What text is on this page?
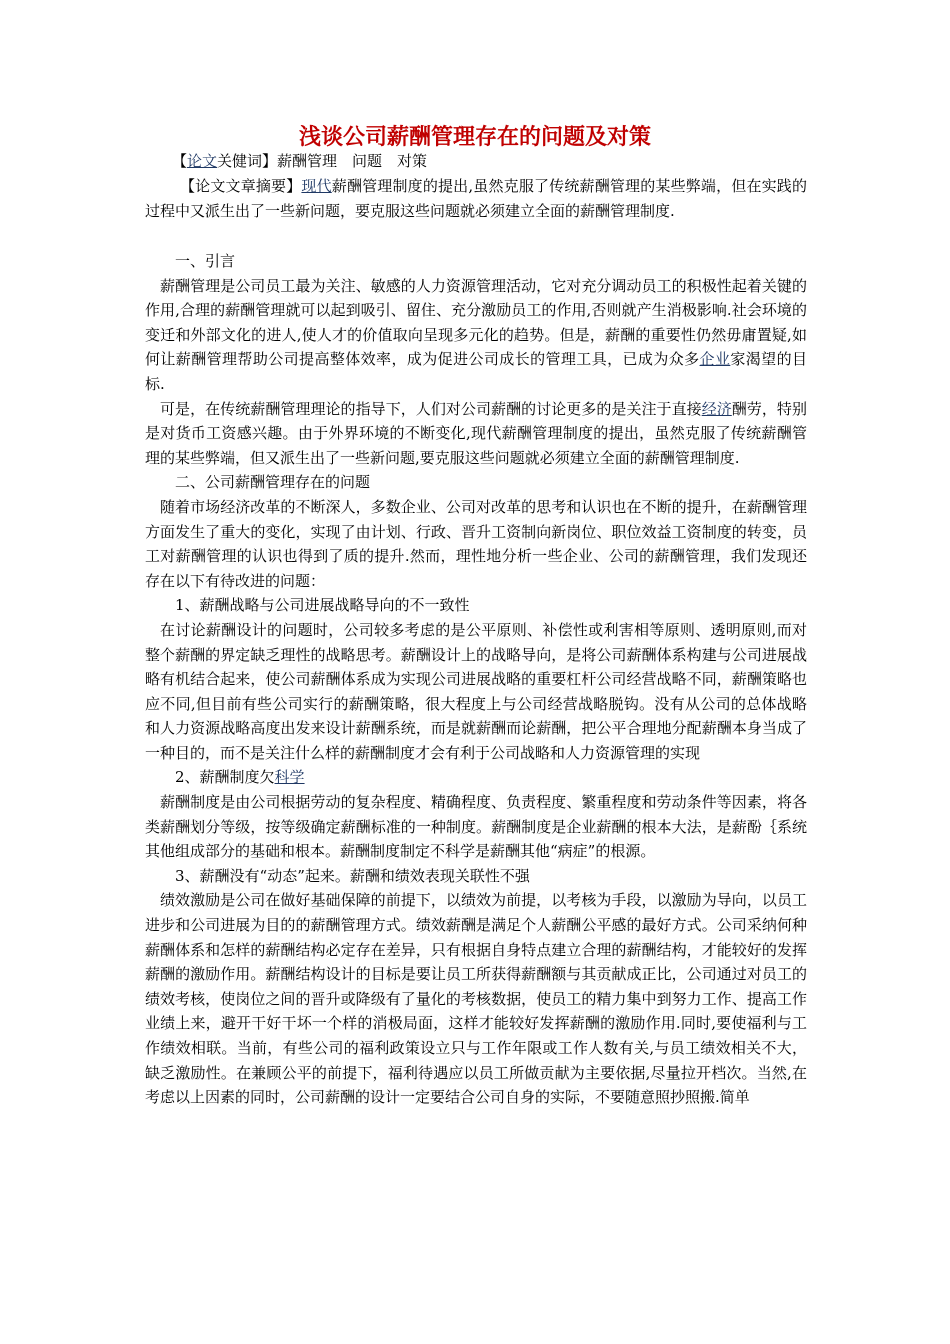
浅谈公司薪酬管理存在的问题及对策

【论文关健词】薪酬管理　问题　对策

【论文文章摘要】现代薪酬管理制度的提出,虽然克服了传统薪酬管理的某些弊端，但在实践的过程中又派生出了一些新问题，要克服这些问题就必须建立全面的薪酬管理制度.

一、引言

薪酬管理是公司员工最为关注、敏感的人力资源管理活动，它对充分调动员工的积极性起着关键的作用,合理的薪酬管理就可以起到吸引、留住、充分激励员工的作用,否则就产生消极影响.社会环境的变迁和外部文化的进人,使人才的价值取向呈现多元化的趋势。但是，薪酬的重要性仍然毋庸置疑,如何让薪酬管理帮助公司提高整体效率，成为促进公司成长的管理工具，已成为众多企业家渴望的目标.

可是，在传统薪酬管理理论的指导下，人们对公司薪酬的讨论更多的是关注于直接经济酬劳，特别是对货币工资感兴趣。由于外界环境的不断变化,现代薪酬管理制度的提出，虽然克服了传统薪酬管理的某些弊端，但又派生出了一些新问题,要克服这些问题就必须建立全面的薪酬管理制度.

二、公司薪酬管理存在的问题

随着市场经济改革的不断深人，多数企业、公司对改革的思考和认识也在不断的提升，在薪酬管理方面发生了重大的变化，实现了由计划、行政、晋升工资制向新岗位、职位效益工资制度的转变，员工对薪酬管理的认识也得到了质的提升.然而，理性地分析一些企业、公司的薪酬管理，我们发现还存在以下有待改进的问题：

1、薪酬战略与公司进展战略导向的不一致性

在讨论薪酬设计的问题时，公司较多考虑的是公平原则、补偿性或利害相等原则、透明原则,而对整个薪酬的界定缺乏理性的战略思考。薪酬设计上的战略导向，是将公司薪酬体系构建与公司进展战略有机结合起来，使公司薪酬体系成为实现公司进展战略的重要杠杆公司经营战略不同，薪酬策略也应不同,但目前有些公司实行的薪酬策略，很大程度上与公司经营战略脱钩。没有从公司的总体战略和人力资源战略高度出发来设计薪酬系统，而是就薪酬而论薪酬，把公平合理地分配薪酬本身当成了一种目的，而不是关注什么样的薪酬制度才会有利于公司战略和人力资源管理的实现

2、薪酬制度欠科学

薪酬制度是由公司根据劳动的复杂程度、精确程度、负责程度、繁重程度和劳动条件等因素，将各类薪酬划分等级，按等级确定薪酬标准的一种制度。薪酬制度是企业薪酬的根本大法，是薪酚｛系统其他组成部分的基础和根本。薪酬制度制定不科学是薪酬其他“病症”的根源。

3、薪酬没有“动态”起来。薪酬和绩效表现关联性不强

绩效激励是公司在做好基础保障的前提下，以绩效为前提，以考核为手段，以激励为导向，以员工进步和公司进展为目的的薪酬管理方式。绩效薪酬是满足个人薪酬公平感的最好方式。公司采纳何种薪酬体系和怎样的薪酬结构必定存在差异，只有根据自身特点建立合理的薪酬结构，才能较好的发挥薪酬的激励作用。薪酬结构设计的目标是要让员工所获得薪酬额与其贡献成正比，公司通过对员工的绩效考核，使岗位之间的晋升或降级有了量化的考核数据，使员工的精力集中到努力工作、提高工作业绩上来，避开干好干坏一个样的消极局面，这样才能较好发挥薪酬的激励作用.同时,要使福利与工作绩效相联。当前，有些公司的福利政策设立只与工作年限或工作人数有关,与员工绩效相关不大，缺乏激励性。在兼顾公平的前提下，福利待遇应以员工所做贡献为主要依据,尽量拉开档次。当然,在考虑以上因素的同时，公司薪酬的设计一定要结合公司自身的实际，不要随意照抄照搬.简单
